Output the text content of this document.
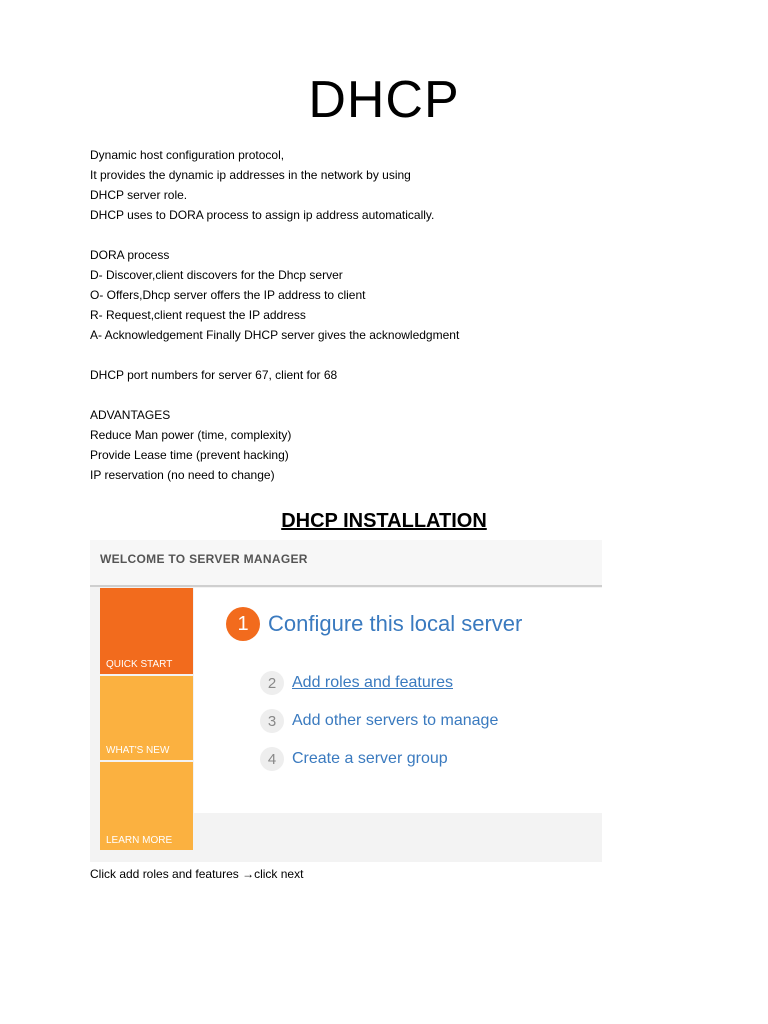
DHCP
Dynamic host configuration protocol,
It provides the dynamic ip addresses in the network by using
DHCP server role.
DHCP uses to DORA process to assign ip address automatically.
DORA process
D- Discover,client discovers for the Dhcp server
O- Offers,Dhcp server offers the IP address to client
R- Request,client request the IP address
A- Acknowledgement Finally DHCP server gives the acknowledgment
DHCP port numbers for server 67, client for 68
ADVANTAGES
Reduce Man power (time, complexity)
Provide Lease time (prevent hacking)
IP reservation (no need to change)
DHCP INSTALLATION
WELCOME TO SERVER MANAGER
QUICK START
WHAT'S NEW
LEARN MORE
1 Configure this local server
2 Add roles and features
3 Add other servers to manage
4 Create a server group
Click add roles and features →click next
